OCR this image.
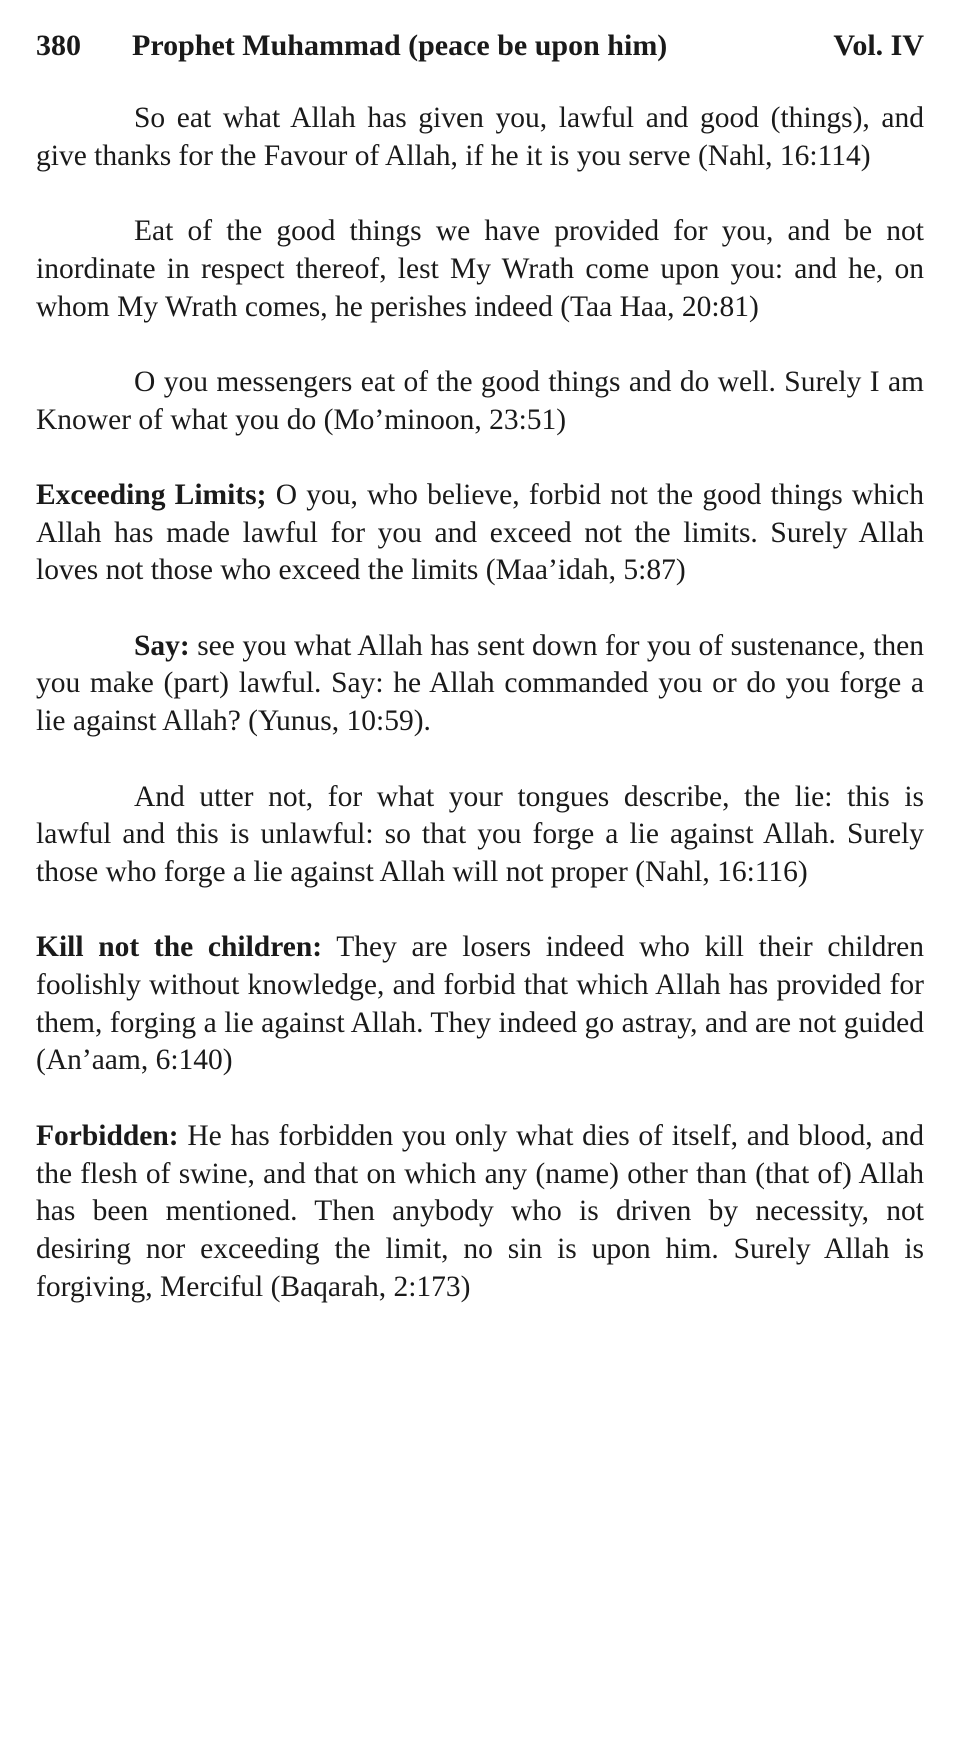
380	Prophet Muhammad (peace be upon him)	Vol. IV

So eat what Allah has given you, lawful and good (things), and give thanks for the Favour of Allah, if he it is you serve (Nahl, 16:114)

Eat of the good things we have provided for you, and be not inordinate in respect thereof, lest My Wrath come upon you: and he, on whom My Wrath comes, he perishes indeed (Taa Haa, 20:81)

O you messengers eat of the good things and do well. Surely I am Knower of what you do (Mo’minoon, 23:51)

Exceeding Limits; O you, who believe, forbid not the good things which Allah has made lawful for you and exceed not the limits. Surely Allah loves not those who exceed the limits (Maa’idah, 5:87)

Say: see you what Allah has sent down for you of sustenance, then you make (part) lawful. Say: he Allah commanded you or do you forge a lie against Allah? (Yunus, 10:59).

And utter not, for what your tongues describe, the lie: this is lawful and this is unlawful: so that you forge a lie against Allah. Surely those who forge a lie against Allah will not proper (Nahl, 16:116)

Kill not the children: They are losers indeed who kill their children foolishly without knowledge, and forbid that which Allah has provided for them, forging a lie against Allah. They indeed go astray, and are not guided (An’aam, 6:140)

Forbidden: He has forbidden you only what dies of itself, and blood, and the flesh of swine, and that on which any (name) other than (that of) Allah has been mentioned. Then anybody who is driven by necessity, not desiring nor exceeding the limit, no sin is upon him. Surely Allah is forgiving, Merciful (Baqarah, 2:173)
